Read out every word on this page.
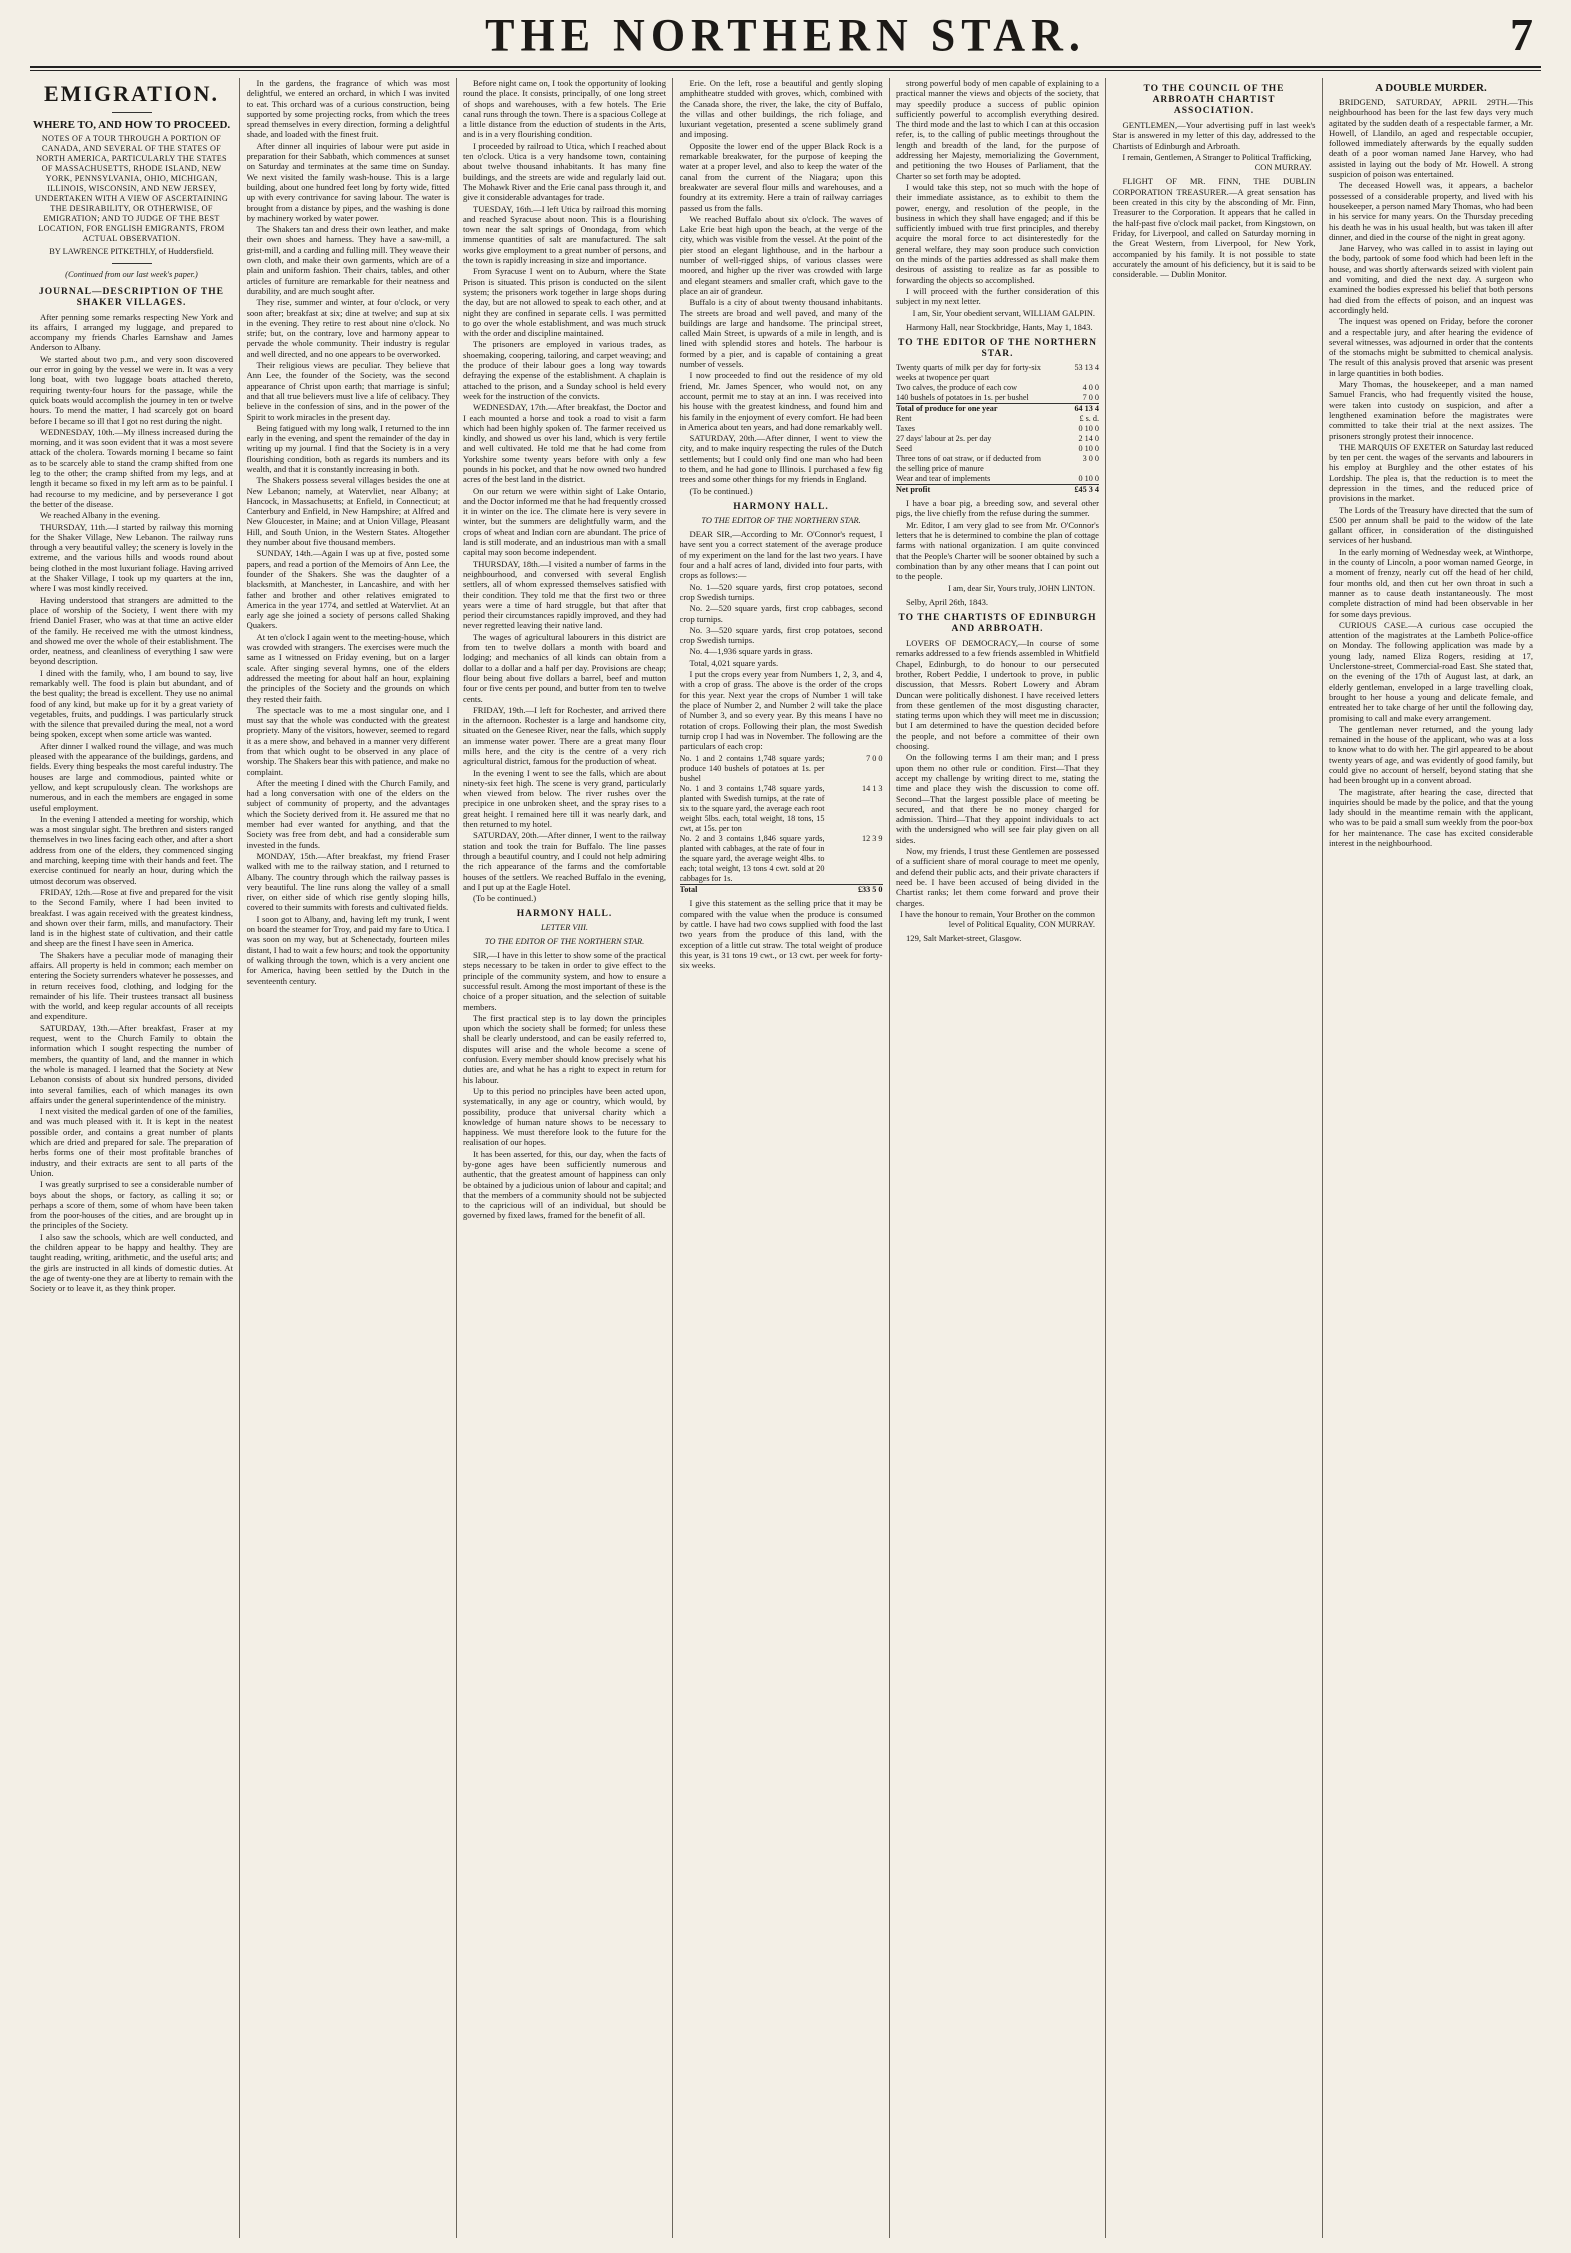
THE NORTHERN STAR.	7
EMIGRATION.
WHERE TO, AND HOW TO PROCEED.
NOTES OF A TOUR THROUGH A PORTION OF CANADA, AND SEVERAL OF THE STATES OF NORTH AMERICA, PARTICULARLY THE STATES OF MASSACHUSETTS, RHODE ISLAND, NEW YORK, PENNSYLVANIA, OHIO, MICHIGAN, ILLINOIS, WISCONSIN, AND NEW JERSEY, UNDERTAKEN WITH A VIEW OF ASCERTAINING THE DESIRABILITY, OR OTHERWISE, OF EMIGRATION; AND TO JUDGE OF THE BEST LOCATION, FOR ENGLISH EMIGRANTS, FROM ACTUAL OBSERVATION.
BY LAWRENCE PITKETHLY, of Huddersfield.
(Continued from our last week's paper.)
JOURNAL—DESCRIPTION OF THE SHAKER VILLAGES.

After penning some remarks respecting New York and its affairs, I arranged my luggage, and prepared to accompany my friends Charles Earnshaw and James Anderson to Albany.

We started about two p.m., and very soon discovered our error in going by the vessel we were in. It was a very long boat, with two luggage boats attached thereto, requiring twenty-four hours for the passage, while the quick boats would accomplish the journey in ten or twelve hours. To mend the matter, I had scarcely got on board before I became so ill that I got no rest during the night.

WEDNESDAY, 10th.—My illness increased during the morning, and it was soon evident that it was a most severe attack of the cholera. Towards morning I became so faint as to be scarcely able to stand the cramp shifted from one leg to the other; the cramp shifted from my legs, and at length it became so fixed in my left arm as to be painful. I had recourse to my medicine, and by perseverance I got the better of the disease.

We reached Albany in the evening.

THURSDAY, 11th.—I started by railway this morning for the Shaker Village, New Lebanon. The railway runs through a very beautiful valley; the scenery is lovely in the extreme, and the various hills and woods round about being clothed in the most luxuriant foliage. Having arrived at the Shaker Village, I took up my quarters at the inn, where I was most kindly received.

Having understood that strangers are admitted to the place of worship of the Society, I went there with my friend Daniel Fraser, who was at that time an active elder of the family. He received me with the utmost kindness, and showed me over the whole of their establishment. The order, neatness, and cleanliness of everything I saw were beyond description.

I dined with the family, who, I am bound to say, live remarkably well. The food is plain but abundant, and of the best quality; the bread is excellent. They use no animal food of any kind, but make up for it by a great variety of vegetables, fruits, and puddings. I was particularly struck with the silence that prevailed during the meal, not a word being spoken, except when some article was wanted.

After dinner I walked round the village, and was much pleased with the appearance of the buildings, gardens, and fields. Every thing bespeaks the most careful industry. The houses are large and commodious, painted white or yellow, and kept scrupulously clean. The workshops are numerous, and in each the members are engaged in some useful employment.

In the evening I attended a meeting for worship, which was a most singular sight. The brethren and sisters ranged themselves in two lines facing each other, and after a short address from one of the elders, they commenced singing and marching, keeping time with their hands and feet. The exercise continued for nearly an hour, during which the utmost decorum was observed.

FRIDAY, 12th.—Rose at five and prepared for the visit to the Second Family, where I had been invited to breakfast. I was again received with the greatest kindness, and shown over their farm, mills, and manufactory. Their land is in the highest state of cultivation, and their cattle and sheep are the finest I have seen in America.

The Shakers have a peculiar mode of managing their affairs. All property is held in common; each member on entering the Society surrenders whatever he possesses, and in return receives food, clothing, and lodging for the remainder of his life. Their trustees transact all business with the world, and keep regular accounts of all receipts and expenditure.

SATURDAY, 13th.—After breakfast, Fraser at my request, went to the Church Family to obtain the information which I sought respecting the number of members, the quantity of land, and the manner in which the whole is managed. I learned that the Society at New Lebanon consists of about six hundred persons, divided into several families, each of which manages its own affairs under the general superintendence of the ministry.

I next visited the medical garden of one of the families, and was much pleased with it. It is kept in the neatest possible order, and contains a great number of plants which are dried and prepared for sale. The preparation of herbs forms one of their most profitable branches of industry, and their extracts are sent to all parts of the Union.

I was greatly surprised to see a considerable number of boys about the shops, or factory, as calling it so; or perhaps a score of them, some of whom have been taken from the poor-houses of the cities, and are brought up in the principles of the Society.

I also saw the schools, which are well conducted, and the children appear to be happy and healthy. They are taught reading, writing, arithmetic, and the useful arts; and the girls are instructed in all kinds of domestic duties. At the age of twenty-one they are at liberty to remain with the Society or to leave it, as they think proper.

In the gardens, the fragrance of which was most delightful, we entered an orchard, in which I was invited to eat. This orchard was of a curious construction, being supported by some projecting rocks, from which the trees spread themselves in every direction, forming a delightful shade, and loaded with the finest fruit.

After dinner all inquiries of labour were put aside in preparation for their Sabbath, which commences at sunset on Saturday and terminates at the same time on Sunday. We next visited the family wash-house. This is a large building, about one hundred feet long by forty wide, fitted up with every contrivance for saving labour. The water is brought from a distance by pipes, and the washing is done by machinery worked by water power.

The Shakers tan and dress their own leather, and make their own shoes and harness. They have a saw-mill, a grist-mill, and a carding and fulling mill. They weave their own cloth, and make their own garments, which are of a plain and uniform fashion. Their chairs, tables, and other articles of furniture are remarkable for their neatness and durability, and are much sought after.

They rise, summer and winter, at four o'clock, or very soon after; breakfast at six; dine at twelve; and sup at six in the evening. They retire to rest about nine o'clock. No strife; but, on the contrary, love and harmony appear to pervade the whole community. Their industry is regular and well directed, and no one appears to be overworked.

Their religious views are peculiar. They believe that Ann Lee, the founder of the Society, was the second appearance of Christ upon earth; that marriage is sinful; and that all true believers must live a life of celibacy. They believe in the confession of sins, and in the power of the Spirit to work miracles in the present day.

Being fatigued with my long walk, I returned to the inn early in the evening, and spent the remainder of the day in writing up my journal. I find that the Society is in a very flourishing condition, both as regards its numbers and its wealth, and that it is constantly increasing in both.

The Shakers possess several villages besides the one at New Lebanon; namely, at Watervliet, near Albany; at Hancock, in Massachusetts; at Enfield, in Connecticut; at Canterbury and Enfield, in New Hampshire; at Alfred and New Gloucester, in Maine; and at Union Village, Pleasant Hill, and South Union, in the Western States. Altogether they number about five thousand members.

SUNDAY, 14th.—Again I was up at five, posted some papers, and read a portion of the Memoirs of Ann Lee, the founder of the Shakers. She was the daughter of a blacksmith, at Manchester, in Lancashire, and with her father and brother and other relatives emigrated to America in the year 1774, and settled at Watervliet. At an early age she joined a society of persons called Shaking Quakers.

At ten o'clock I again went to the meeting-house, which was crowded with strangers. The exercises were much the same as I witnessed on Friday evening, but on a larger scale. After singing several hymns, one of the elders addressed the meeting for about half an hour, explaining the principles of the Society and the grounds on which they rested their faith.

The spectacle was to me a most singular one, and I must say that the whole was conducted with the greatest propriety. Many of the visitors, however, seemed to regard it as a mere show, and behaved in a manner very different from that which ought to be observed in any place of worship. The Shakers bear this with patience, and make no complaint.

After the meeting I dined with the Church Family, and had a long conversation with one of the elders on the subject of community of property, and the advantages which the Society derived from it. He assured me that no member had ever wanted for anything, and that the Society was free from debt, and had a considerable sum invested in the funds.

MONDAY, 15th.—After breakfast, my friend Fraser walked with me to the railway station, and I returned to Albany. The country through which the railway passes is very beautiful. The line runs along the valley of a small river, on either side of which rise gently sloping hills, covered to their summits with forests and cultivated fields.

I soon got to Albany, and, having left my trunk, I went on board the steamer for Troy, and paid my fare to Utica. I was soon on my way, but at Schenectady, fourteen miles distant, I had to wait a few hours; and took the opportunity of walking through the town, which is a very ancient one for America, having been settled by the Dutch in the seventeenth century.

Before night came on, I took the opportunity of looking round the place. It consists, principally, of one long street of shops and warehouses, with a few hotels. The Erie canal runs through the town. There is a spacious College at a little distance from the eduction of students in the Arts, and is in a very flourishing condition.

I proceeded by railroad to Utica, which I reached about ten o'clock. Utica is a very handsome town, containing about twelve thousand inhabitants. It has many fine buildings, and the streets are wide and regularly laid out. The Mohawk River and the Erie canal pass through it, and give it considerable advantages for trade.

TUESDAY, 16th.—I left Utica by railroad this morning and reached Syracuse about noon. This is a flourishing town near the salt springs of Onondaga, from which immense quantities of salt are manufactured. The salt works give employment to a great number of persons, and the town is rapidly increasing in size and importance.

From Syracuse I went on to Auburn, where the State Prison is situated. This prison is conducted on the silent system; the prisoners work together in large shops during the day, but are not allowed to speak to each other, and at night they are confined in separate cells. I was permitted to go over the whole establishment, and was much struck with the order and discipline maintained.

The prisoners are employed in various trades, as shoemaking, coopering, tailoring, and carpet weaving; and the produce of their labour goes a long way towards defraying the expense of the establishment. A chaplain is attached to the prison, and a Sunday school is held every week for the instruction of the convicts.

WEDNESDAY, 17th.—After breakfast, the Doctor and I each mounted a horse and took a road to visit a farm which had been highly spoken of. The farmer received us kindly, and showed us over his land, which is very fertile and well cultivated. He told me that he had come from Yorkshire some twenty years before with only a few pounds in his pocket, and that he now owned two hundred acres of the best land in the district.

On our return we were within sight of Lake Ontario, and the Doctor informed me that he had frequently crossed it in winter on the ice. The climate here is very severe in winter, but the summers are delightfully warm, and the crops of wheat and Indian corn are abundant. The price of land is still moderate, and an industrious man with a small capital may soon become independent.

THURSDAY, 18th.—I visited a number of farms in the neighbourhood, and conversed with several English settlers, all of whom expressed themselves satisfied with their condition. They told me that the first two or three years were a time of hard struggle, but that after that period their circumstances rapidly improved, and they had never regretted leaving their native land.

The wages of agricultural labourers in this district are from ten to twelve dollars a month with board and lodging; and mechanics of all kinds can obtain from a dollar to a dollar and a half per day. Provisions are cheap; flour being about five dollars a barrel, beef and mutton four or five cents per pound, and butter from ten to twelve cents.

FRIDAY, 19th.—I left for Rochester, and arrived there in the afternoon. Rochester is a large and handsome city, situated on the Genesee River, near the falls, which supply an immense water power. There are a great many flour mills here, and the city is the centre of a very rich agricultural district, famous for the production of wheat.

In the evening I went to see the falls, which are about ninety-six feet high. The scene is very grand, particularly when viewed from below. The river rushes over the precipice in one unbroken sheet, and the spray rises to a great height. I remained here till it was nearly dark, and then returned to my hotel.

SATURDAY, 20th.—After dinner, I went to the railway station and took the train for Buffalo. The line passes through a beautiful country, and I could not help admiring the rich appearance of the farms and the comfortable houses of the settlers. We reached Buffalo in the evening, and I put up at the Eagle Hotel.

(To be continued.)

HARMONY HALL.
LETTER VIII.
TO THE EDITOR OF THE NORTHERN STAR.

SIR,—I have in this letter to show some of the practical steps necessary to be taken in order to give effect to the principle of the community system, and how to ensure a successful result. Among the most important of these is the choice of a proper situation, and the selection of suitable members.

The first practical step is to lay down the principles upon which the society shall be formed; for unless these shall be clearly understood, and can be easily referred to, disputes will arise and the whole become a scene of confusion. Every member should know precisely what his duties are, and what he has a right to expect in return for his labour.

Up to this period no principles have been acted upon, systematically, in any age or country, which would, by possibility, produce that universal charity which a knowledge of human nature shows to be necessary to happiness. We must therefore look to the future for the realisation of our hopes.

It has been asserted, for this, our day, when the facts of by-gone ages have been sufficiently numerous and authentic, that the greatest amount of happiness can only be obtained by a judicious union of labour and capital; and that the members of a community should not be subjected to the capricious will of an individual, but should be governed by fixed laws, framed for the benefit of all.

Erie. On the left, rose a beautiful and gently sloping amphitheatre studded with groves, which, combined with the Canada shore, the river, the lake, the city of Buffalo, the villas and other buildings, the rich foliage, and luxuriant vegetation, presented a scene sublimely grand and imposing.

Opposite the lower end of the upper Black Rock is a remarkable breakwater, for the purpose of keeping the water at a proper level, and also to keep the water of the canal from the current of the Niagara; upon this breakwater are several flour mills and warehouses, and a foundry at its extremity. Here a train of railway carriages passed us from the falls.

We reached Buffalo about six o'clock. The waves of Lake Erie beat high upon the beach, at the verge of the city, which was visible from the vessel. At the point of the pier stood an elegant lighthouse, and in the harbour a number of well-rigged ships, of various classes were moored, and higher up the river was crowded with large and elegant steamers and smaller craft, which gave to the place an air of grandeur.

Buffalo is a city of about twenty thousand inhabitants. The streets are broad and well paved, and many of the buildings are large and handsome. The principal street, called Main Street, is upwards of a mile in length, and is lined with splendid stores and hotels. The harbour is formed by a pier, and is capable of containing a great number of vessels.

I now proceeded to find out the residence of my old friend, Mr. James Spencer, who would not, on any account, permit me to stay at an inn. I was received into his house with the greatest kindness, and found him and his family in the enjoyment of every comfort. He had been in America about ten years, and had done remarkably well.

SATURDAY, 20th.—After dinner, I went to view the city, and to make inquiry respecting the rules of the Dutch settlements; but I could only find one man who had been to them, and he had gone to Illinois. I purchased a few fig trees and some other things for my friends in England.

(To be continued.)

HARMONY HALL.
TO THE EDITOR OF THE NORTHERN STAR.

DEAR SIR,—According to Mr. O'Connor's request, I have sent you a correct statement of the average produce of my experiment on the land for the last two years. I have four and a half acres of land, divided into four parts, with crops as follows:—

No. 1—520 square yards, first crop potatoes, second crop Swedish turnips.

No. 2—520 square yards, first crop cabbages, second crop turnips.

No. 3—520 square yards, first crop potatoes, second crop Swedish turnips.

No. 4—1,936 square yards in grass.

Total, 4,021 square yards.

I put the crops every year from Numbers 1, 2, 3, and 4, with a crop of grass. The above is the order of the crops for this year. Next year the crops of Number 1 will take the place of Number 2, and Number 2 will take the place of Number 3, and so every year. By this means I have no rotation of crops. Following their plan, the most Swedish turnip crop I had was in November. The following are the particulars of each crop:

No. 1 and 2 contains 1,748 square yards; produce 140 bushels of potatoes at 1s. per bushel	7 0 0
No. 1 and 3 contains 1,748 square yards, planted with Swedish turnips, at the rate of six to the square yard, the average each root weight 5lbs. each, total weight, 18 tons, 15 cwt, at 15s. per ton	14 1 3
No. 2 and 3 contains 1,846 square yards, planted with cabbages, at the rate of four in the square yard, the average weight 4lbs. to each; total weight, 13 tons 4 cwt. sold at 20 cabbages for 1s.	12 3 9
Total	£33 5 0

I give this statement as the selling price that it may be compared with the value when the produce is consumed by cattle. I have had two cows supplied with food the last two years from the produce of this land, with the exception of a little cut straw. The total weight of produce this year, is 31 tons 19 cwt., or 13 cwt. per week for forty-six weeks.

strong powerful body of men capable of explaining to a practical manner the views and objects of the society, that may speedily produce a success of public opinion sufficiently powerful to accomplish everything desired. The third mode and the last to which I can at this occasion refer, is, to the calling of public meetings throughout the length and breadth of the land, for the purpose of addressing her Majesty, memorializing the Government, and petitioning the two Houses of Parliament, that the Charter so set forth may be adopted.

I would take this step, not so much with the hope of their immediate assistance, as to exhibit to them the power, energy, and resolution of the people, in the business in which they shall have engaged; and if this be sufficiently imbued with true first principles, and thereby acquire the moral force to act disinterestedly for the general welfare, they may soon produce such conviction on the minds of the parties addressed as shall make them desirous of assisting to realize as far as possible to forwarding the objects so accomplished.

I will proceed with the further consideration of this subject in my next letter.

I am, Sir, Your obedient servant, WILLIAM GALPIN.

Harmony Hall, near Stockbridge, Hants, May 1, 1843.

TO THE EDITOR OF THE NORTHERN STAR.
Twenty quarts of milk per day for forty-six weeks at twopence per quart	53 13 4
Two calves, the produce of each cow	4 0 0
140 bushels of potatoes in 1s. per bushel	7 0 0
Total of produce for one year	64 13 4
Rent	£ s. d.
Taxes	0 10 0
27 days' labour at 2s. per day	2 14 0
Seed	0 10 0
Three tons of oat straw, or if deducted from the selling price of manure	3 0 0
Wear and tear of implements	0 10 0
Net profit	£45 3 4

I have a boar pig, a breeding sow, and several other pigs, the live chiefly from the refuse during the summer.

Mr. Editor, I am very glad to see from Mr. O'Connor's letters that he is determined to combine the plan of cottage farms with national organization. I am quite convinced that the People's Charter will be sooner obtained by such a combination than by any other means that I can point out to the people.

I am, dear Sir, Yours truly, JOHN LINTON.

Selby, April 26th, 1843.

TO THE CHARTISTS OF EDINBURGH AND ARBROATH.

LOVERS OF DEMOCRACY,—In course of some remarks addressed to a few friends assembled in Whitfield Chapel, Edinburgh, to do honour to our persecuted brother, Robert Peddie, I undertook to prove, in public discussion, that Messrs. Robert Lowery and Abram Duncan were politically dishonest. I have received letters from these gentlemen of the most disgusting character, stating terms upon which they will meet me in discussion; but I am determined to have the question decided before the people, and not before a committee of their own choosing.

On the following terms I am their man; and I press upon them no other rule or condition. First—That they accept my challenge by writing direct to me, stating the time and place they wish the discussion to come off. Second—That the largest possible place of meeting be secured, and that there be no money charged for admission. Third—That they appoint individuals to act with the undersigned who will see fair play given on all sides.

Now, my friends, I trust these Gentlemen are possessed of a sufficient share of moral courage to meet me openly, and defend their public acts, and their private characters if need be. I have been accused of being divided in the Chartist ranks; let them come forward and prove their charges.

I have the honour to remain, Your Brother on the common level of Political Equality, CON MURRAY.

129, Salt Market-street, Glasgow.

TO THE COUNCIL OF THE ARBROATH CHARTIST ASSOCIATION.

GENTLEMEN,—Your advertising puff in last week's Star is answered in my letter of this day, addressed to the Chartists of Edinburgh and Arbroath.

I remain, Gentlemen, A Stranger to Political Trafficking, CON MURRAY.

FLIGHT OF MR. FINN, THE DUBLIN CORPORATION TREASURER.—A great sensation has been created in this city by the absconding of Mr. Finn, Treasurer to the Corporation. It appears that he called in the half-past five o'clock mail packet, from Kingstown, on Friday, for Liverpool, and called on Saturday morning in the Great Western, from Liverpool, for New York, accompanied by his family. It is not possible to state accurately the amount of his deficiency, but it is said to be considerable. — Dublin Monitor.

A DOUBLE MURDER.

BRIDGEND, SATURDAY, APRIL 29TH.—This neighbourhood has been for the last few days very much agitated by the sudden death of a respectable farmer, a Mr. Howell, of Llandilo, an aged and respectable occupier, followed immediately afterwards by the equally sudden death of a poor woman named Jane Harvey, who had assisted in laying out the body of Mr. Howell. A strong suspicion of poison was entertained.

The deceased Howell was, it appears, a bachelor possessed of a considerable property, and lived with his housekeeper, a person named Mary Thomas, who had been in his service for many years. On the Thursday preceding his death he was in his usual health, but was taken ill after dinner, and died in the course of the night in great agony.

Jane Harvey, who was called in to assist in laying out the body, partook of some food which had been left in the house, and was shortly afterwards seized with violent pain and vomiting, and died the next day. A surgeon who examined the bodies expressed his belief that both persons had died from the effects of poison, and an inquest was accordingly held.

The inquest was opened on Friday, before the coroner and a respectable jury, and after hearing the evidence of several witnesses, was adjourned in order that the contents of the stomachs might be submitted to chemical analysis. The result of this analysis proved that arsenic was present in large quantities in both bodies.

Mary Thomas, the housekeeper, and a man named Samuel Francis, who had frequently visited the house, were taken into custody on suspicion, and after a lengthened examination before the magistrates were committed to take their trial at the next assizes. The prisoners strongly protest their innocence.

THE MARQUIS OF EXETER on Saturday last reduced by ten per cent. the wages of the servants and labourers in his employ at Burghley and the other estates of his Lordship. The plea is, that the reduction is to meet the depression in the times, and the reduced price of provisions in the market.

The Lords of the Treasury have directed that the sum of £500 per annum shall be paid to the widow of the late gallant officer, in consideration of the distinguished services of her husband.

In the early morning of Wednesday week, at Winthorpe, in the county of Lincoln, a poor woman named George, in a moment of frenzy, nearly cut off the head of her child, four months old, and then cut her own throat in such a manner as to cause death instantaneously. The most complete distraction of mind had been observable in her for some days previous.

CURIOUS CASE.—A curious case occupied the attention of the magistrates at the Lambeth Police-office on Monday. The following application was made by a young lady, named Eliza Rogers, residing at 17, Unclerstone-street, Commercial-road East. She stated that, on the evening of the 17th of August last, at dark, an elderly gentleman, enveloped in a large travelling cloak, brought to her house a young and delicate female, and entreated her to take charge of her until the following day, promising to call and make every arrangement.

The gentleman never returned, and the young lady remained in the house of the applicant, who was at a loss to know what to do with her. The girl appeared to be about twenty years of age, and was evidently of good family, but could give no account of herself, beyond stating that she had been brought up in a convent abroad.

The magistrate, after hearing the case, directed that inquiries should be made by the police, and that the young lady should in the meantime remain with the applicant, who was to be paid a small sum weekly from the poor-box for her maintenance. The case has excited considerable interest in the neighbourhood.
